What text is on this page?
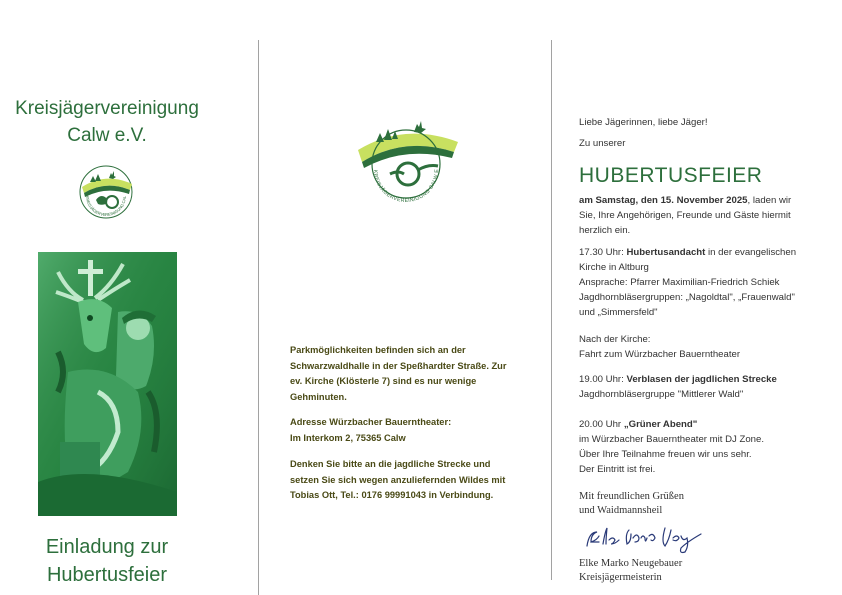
Kreisjägervereinigung
Calw e.V.
KREISJÄGERVEREINIGUNG CAL
Einladung zur
Hubertusfeier
KREISJÄGERVEREINIGUNG CALW E
Parkmöglichkeiten befinden sich an der
Schwarzwaldhalle in der Speßhardter Straße. Zur
ev. Kirche (Klösterle 7) sind es nur wenige
Gehminuten.
Adresse Würzbacher Bauerntheater:
Im Interkom 2, 75365 Calw
Denken Sie bitte an die jagdliche Strecke und
setzen Sie sich wegen anzuliefernden Wildes mit
Tobias Ott, Tel.: 0176 99991043 in Verbindung.
Liebe Jägerinnen, liebe Jäger!
Zu unserer
HUBERTUSFEIER
am Samstag, den 15. November 2025, laden wir
Sie, Ihre Angehörigen, Freunde und Gäste hiermit
herzlich ein.
17.30 Uhr: Hubertusandacht in der evangelischen
Kirche in Altburg
Ansprache: Pfarrer Maximilian-Friedrich Schiek
Jagdhornbläsergruppen: „Nagoldtal", „Frauenwald"
und „Simmersfeld"
Nach der Kirche:
Fahrt zum Würzbacher Bauerntheater
19.00 Uhr: Verblasen der jagdlichen Strecke
Jagdhornbläsergruppe "Mittlerer Wald"
20.00 Uhr „Grüner Abend"
im Würzbacher Bauerntheater mit DJ Zone.
Über Ihre Teilnahme freuen wir uns sehr.
Der Eintritt ist frei.
Mit freundlichen Grüßen
und Waidmannsheil
Elke Marko Neugebauer
Kreisjägermeisterin
